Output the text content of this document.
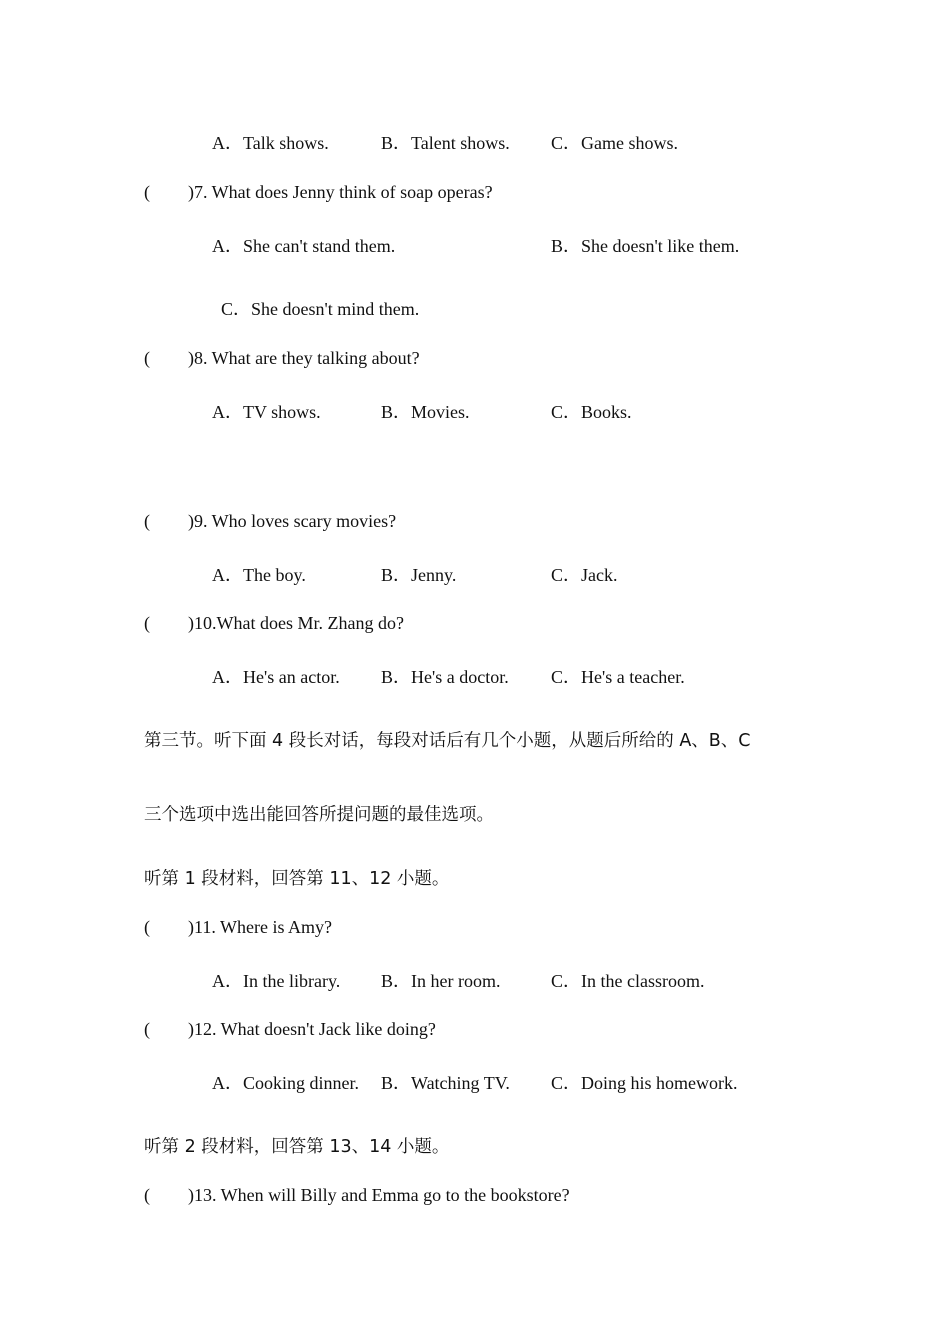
A．Talk shows.	B．Talent shows. C．Game shows.
( )7. What does Jenny think of soap operas?
A．She can't stand them.	B．She doesn't like them.
C．She doesn't mind them.
( )8. What are they talking about?
A．TV shows.	B．Movies.	C．Books.
( )9. Who loves scary movies?
A．The boy.	B．Jenny.	C．Jack.
( )10.What does Mr. Zhang do?
A．He's an actor. B．He's a doctor. C．He's a teacher.
第三节。听下面 4 段长对话，每段对话后有几个小题，从题后所给的 A、B、C
三个选项中选出能回答所提问题的最佳选项。
听第 1 段材料，回答第 11、12 小题。
( )11. Where is Amy?
A．In the library. B．In her room.	C．In the classroom.
( )12. What doesn't Jack like doing?
A．Cooking dinner. B．Watching TV. C．Doing his homework.
听第 2 段材料，回答第 13、14 小题。
( )13. When will Billy and Emma go to the bookstore?
